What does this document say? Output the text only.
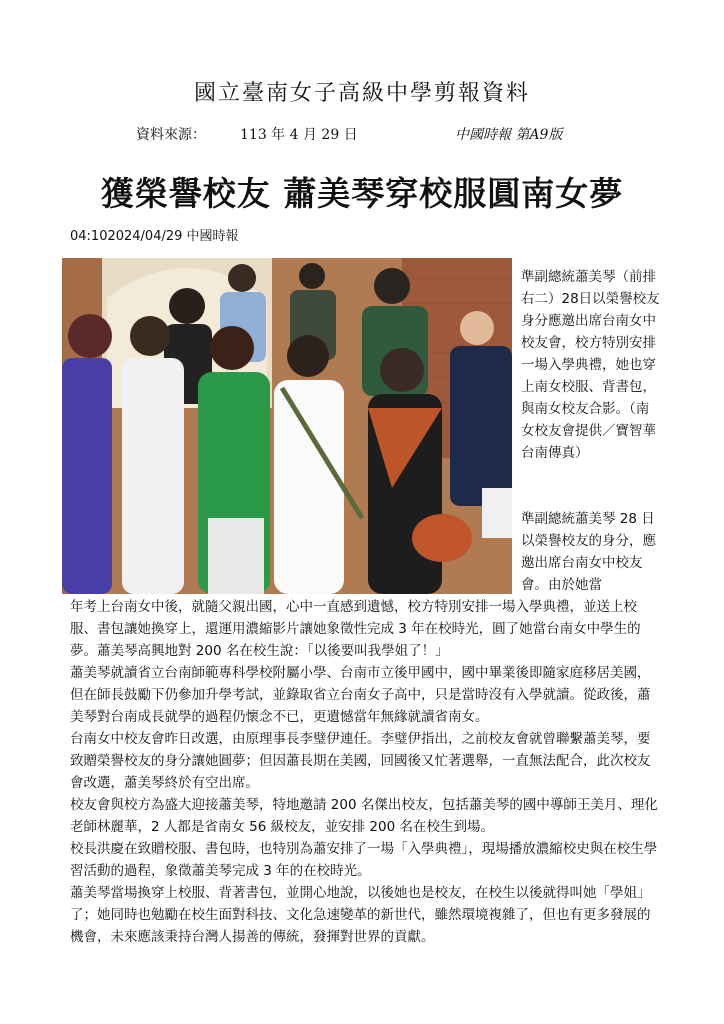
國立臺南女子高級中學剪報資料
資料來源： 113 年 4 月 29 日	中國時報 第A9版
獲榮譽校友 蕭美琴穿校服圓南女夢
04:102024/04/29 中國時報
準副總統蕭美琴（前排右二）28日以榮譽校友身分應邀出席台南女中校友會，校方特別安排一場入學典禮，她也穿上南女校服、背書包，與南女校友合影。（南女校友會提供／寶智華台南傳真）
準副總統蕭美琴 28 日以榮譽校友的身分，應邀出席台南女中校友會。由於她當

年考上台南女中後，就隨父親出國，心中一直感到遺憾，校方特別安排一場入學典禮，並送上校服、書包讓她換穿上，還運用濃縮影片讓她象徵性完成 3 年在校時光，圓了她當台南女中學生的夢。蕭美琴高興地對 200 名在校生說：「以後要叫我學姐了！」

蕭美琴就讀省立台南師範專科學校附屬小學、台南市立後甲國中，國中畢業後即隨家庭移居美國，但在師長鼓勵下仍參加升學考試，並錄取省立台南女子高中，只是當時沒有入學就讀。從政後，蕭美琴對台南成長就學的過程仍懷念不已，更遺憾當年無緣就讀省南女。

台南女中校友會昨日改選，由原理事長李璧伊連任。李璧伊指出，之前校友會就曾聯繫蕭美琴，要致贈榮譽校友的身分讓她圓夢；但因蕭長期在美國，回國後又忙著選舉，一直無法配合，此次校友會改選，蕭美琴終於有空出席。

校友會與校方為盛大迎接蕭美琴，特地邀請 200 名傑出校友，包括蕭美琴的國中導師王美月、理化老師林麗華，2 人都是省南女 56 級校友，並安排 200 名在校生到場。

校長洪慶在致贈校服、書包時，也特別為蕭安排了一場「入學典禮」，現場播放濃縮校史與在校生學習活動的過程，象徵蕭美琴完成 3 年的在校時光。

蕭美琴當場換穿上校服、背著書包，並開心地說，以後她也是校友，在校生以後就得叫她「學姐」了；她同時也勉勵在校生面對科技、文化急速變革的新世代，雖然環境複雜了，但也有更多發展的機會，未來應該秉持台灣人揚善的傳統，發揮對世界的貢獻。
